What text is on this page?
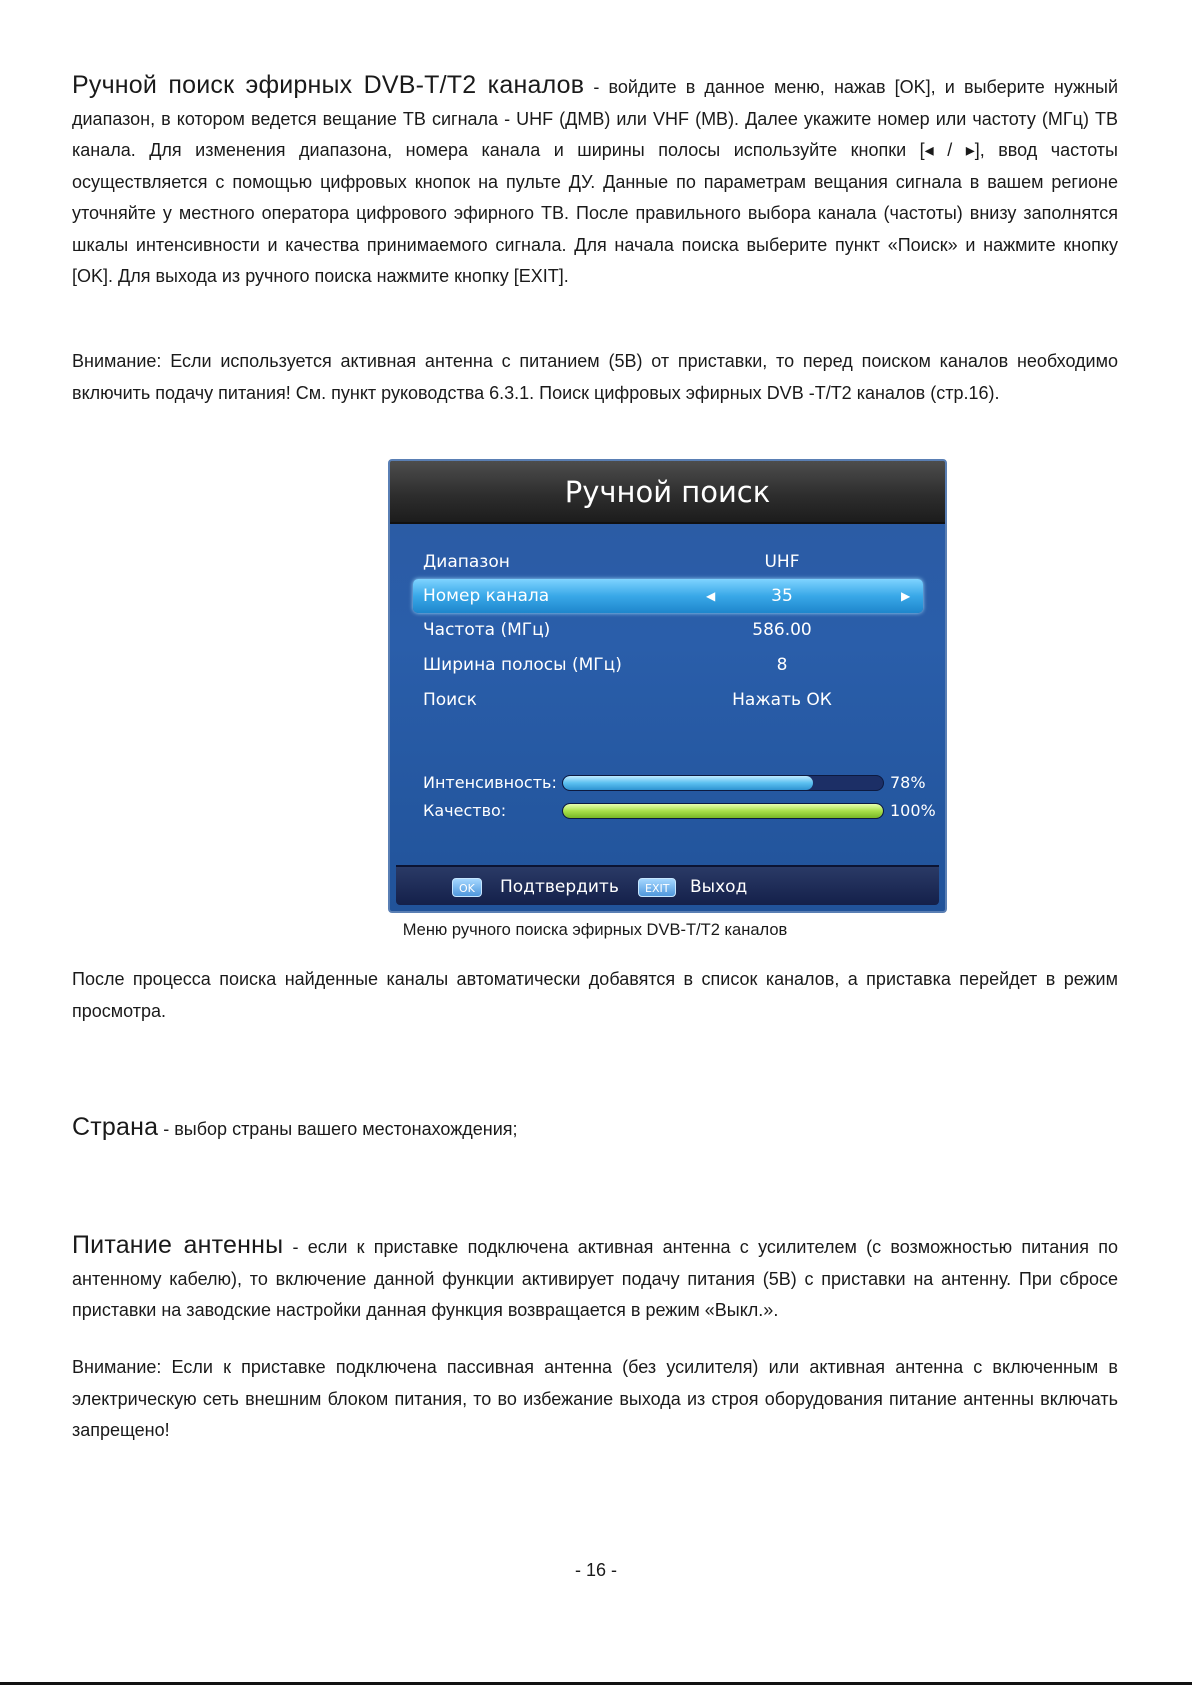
Ручной поиск эфирных DVB-T/T2 каналов - войдите в данное меню, нажав [OK], и выберите нужный диапазон, в котором ведется вещание ТВ сигнала - UHF (ДМВ) или VHF (МВ). Далее укажите номер или частоту (МГц) ТВ канала. Для изменения диапазона, номера канала и ширины полосы используйте кнопки [◂ / ▸], ввод частоты осуществляется с помощью цифровых кнопок на пульте ДУ. Данные по параметрам вещания сигнала в вашем регионе уточняйте у местного оператора цифрового эфирного ТВ. После правильного выбора канала (частоты) внизу заполнятся шкалы интенсивности и качества принимаемого сигнала. Для начала поиска выберите пункт «Поиск» и нажмите кнопку [OK]. Для выхода из ручного поиска нажмите кнопку [EXIT].

Внимание: Если используется активная антенна с питанием (5В) от приставки, то перед поиском каналов необходимо включить подачу питания! См. пункт руководства 6.3.1. Поиск цифровых эфирных DVB -T/T2 каналов (стр.16).

Ручной поиск
Диапазон	UHF
Номер канала	◀	35	▶
Частота (МГц)	586.00
Ширина полосы (МГц)	8
Поиск	Нажать ОК
Интенсивность:	78%
Качество:	100%
OK	Подтвердить	EXIT	Выход
Меню ручного поиска эфирных DVB-T/T2 каналов

После процесса поиска найденные каналы автоматически добавятся в список каналов, а приставка перейдет в режим просмотра.

Страна - выбор страны вашего местонахождения;

Питание антенны - если к приставке подключена активная антенна с усилителем (с возможностью питания по антенному кабелю), то включение данной функции активирует подачу питания (5В) с приставки на антенну. При сбросе приставки на заводские настройки данная функция возвращается в режим «Выкл.».

Внимание: Если к приставке подключена пассивная антенна (без усилителя) или активная антенна с включенным в электрическую сеть внешним блоком питания, то во избежание выхода из строя оборудования питание антенны включать запрещено!

- 16 -
